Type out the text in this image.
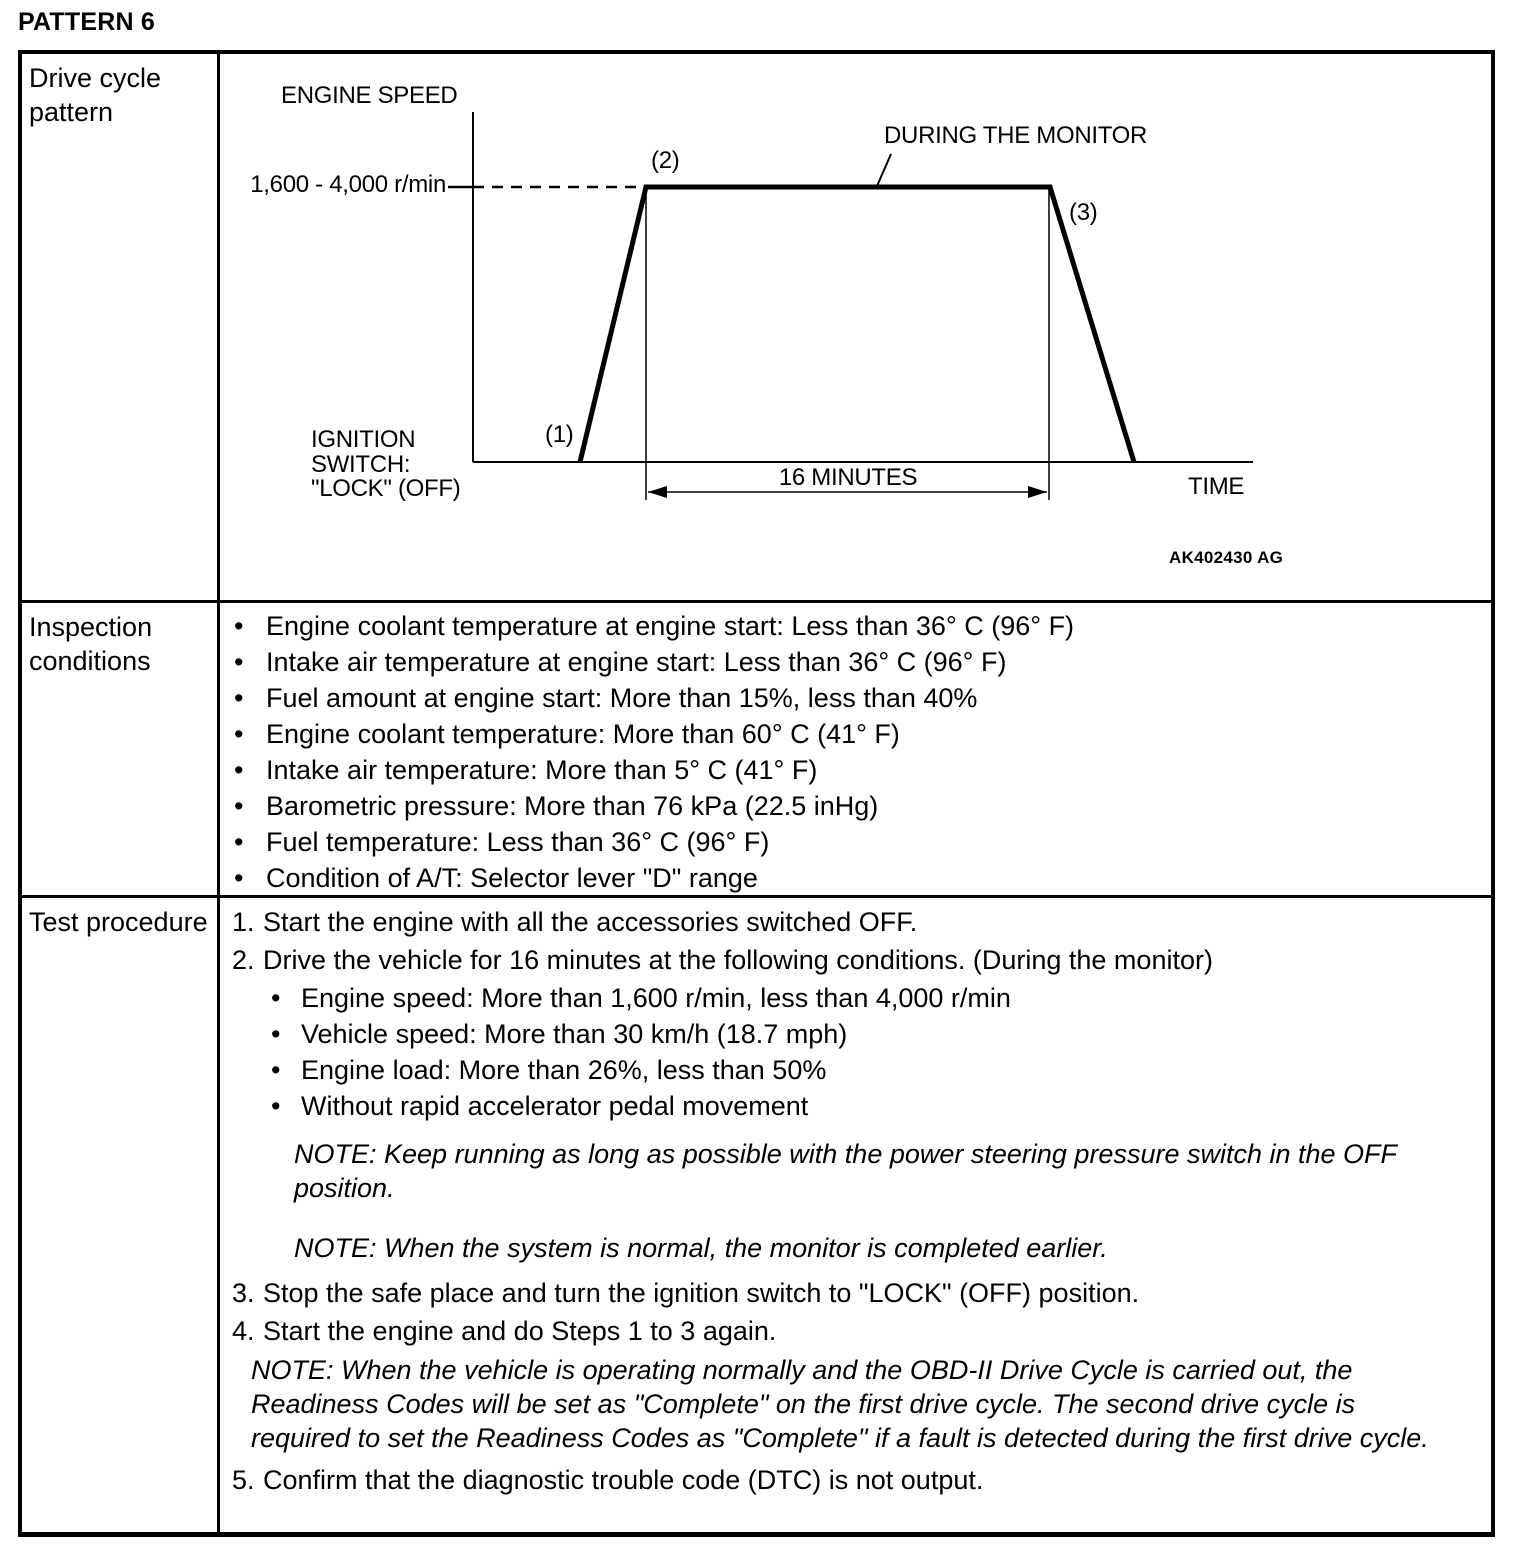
PATTERN 6
Drive cycle pattern
ENGINE SPEED
1,600 - 4,000 r/min
(2)
DURING THE MONITOR
(3)
(1)
IGNITION
SWITCH:
"LOCK" (OFF)	16 MINUTES	TIME
AK402430 AG
Inspection conditions
• Engine coolant temperature at engine start: Less than 36° C (96° F)
• Intake air temperature at engine start: Less than 36° C (96° F)
• Fuel amount at engine start: More than 15%, less than 40%
• Engine coolant temperature: More than 60° C (41° F)
• Intake air temperature: More than 5° C (41° F)
• Barometric pressure: More than 76 kPa (22.5 inHg)
• Fuel temperature: Less than 36° C (96° F)
• Condition of A/T: Selector lever "D" range
Test procedure 1. Start the engine with all the accessories switched OFF.
2. Drive the vehicle for 16 minutes at the following conditions. (During the monitor)
• Engine speed: More than 1,600 r/min, less than 4,000 r/min
• Vehicle speed: More than 30 km/h (18.7 mph)
• Engine load: More than 26%, less than 50%
• Without rapid accelerator pedal movement
NOTE: Keep running as long as possible with the power steering pressure switch in the OFF position.
NOTE: When the system is normal, the monitor is completed earlier.
3. Stop the safe place and turn the ignition switch to "LOCK" (OFF) position.
4. Start the engine and do Steps 1 to 3 again.
NOTE: When the vehicle is operating normally and the OBD-II Drive Cycle is carried out, the Readiness Codes will be set as "Complete" on the first drive cycle. The second drive cycle is required to set the Readiness Codes as "Complete" if a fault is detected during the first drive cycle.
5. Confirm that the diagnostic trouble code (DTC) is not output.
